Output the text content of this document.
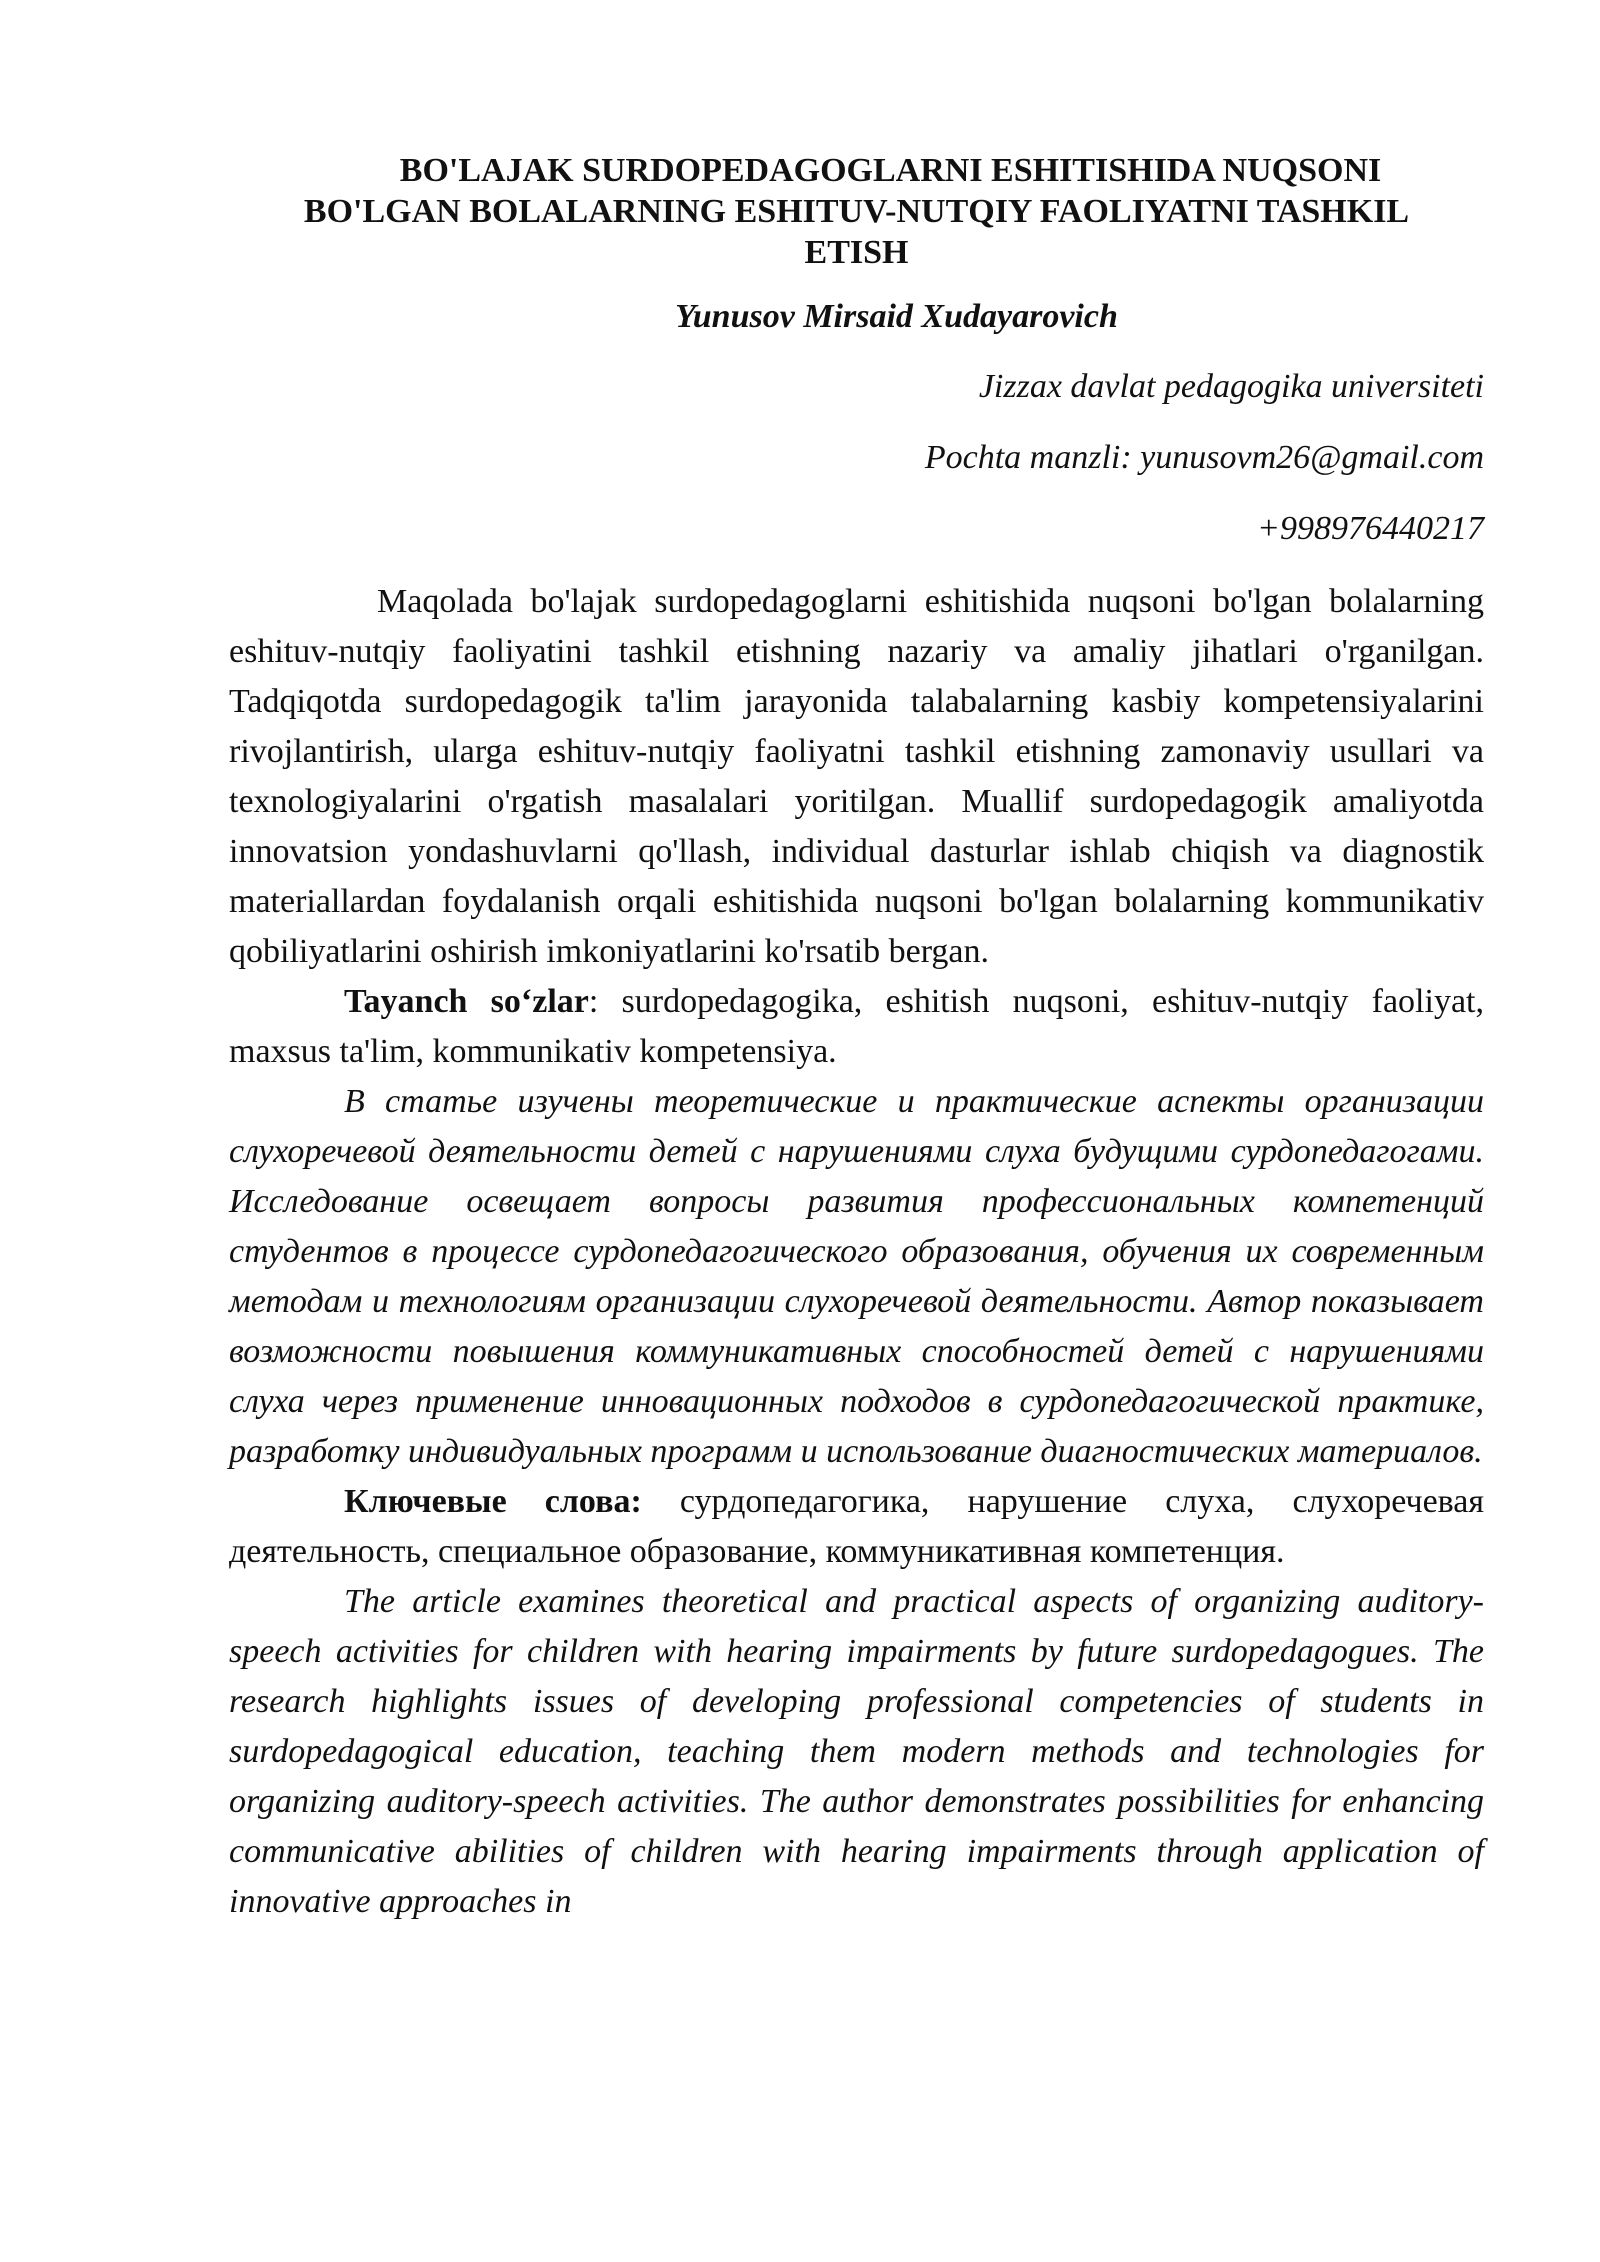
BO'LAJAK SURDOPEDAGOGLARNI ESHITISHIDA NUQSONI
BO'LGAN BOLALARNING ESHITUV-NUTQIY FAOLIYATNI TASHKIL
ETISH

Yunusov Mirsaid Xudayarovich

Jizzax davlat pedagogika universiteti

Pochta manzli: yunusovm26@gmail.com

+998976440217

Maqolada bo'lajak surdopedagoglarni eshitishida nuqsoni bo'lgan bolalarning eshituv-nutqiy faoliyatini tashkil etishning nazariy va amaliy jihatlari o'rganilgan. Tadqiqotda surdopedagogik ta'lim jarayonida talabalarning kasbiy kompetensiyalarini rivojlantirish, ularga eshituv-nutqiy faoliyatni tashkil etishning zamonaviy usullari va texnologiyalarini o'rgatish masalalari yoritilgan. Muallif surdopedagogik amaliyotda innovatsion yondashuvlarni qo'llash, individual dasturlar ishlab chiqish va diagnostik materiallardan foydalanish orqali eshitishida nuqsoni bo'lgan bolalarning kommunikativ qobiliyatlarini oshirish imkoniyatlarini ko'rsatib bergan.

Tayanch so‘zlar: surdopedagogika, eshitish nuqsoni, eshituv-nutqiy faoliyat, maxsus ta'lim, kommunikativ kompetensiya.

В статье изучены теоретические и практические аспекты организации слухоречевой деятельности детей с нарушениями слуха будущими сурдопедагогами. Исследование освещает вопросы развития профессиональных компетенций студентов в процессе сурдопедагогического образования, обучения их современным методам и технологиям организации слухоречевой деятельности. Автор показывает возможности повышения коммуникативных способностей детей с нарушениями слуха через применение инновационных подходов в сурдопедагогической практике, разработку индивидуальных программ и использование диагностических материалов.

Ключевые слова: сурдопедагогика, нарушение слуха, слухоречевая деятельность, специальное образование, коммуникативная компетенция.

The article examines theoretical and practical aspects of organizing auditory-speech activities for children with hearing impairments by future surdopedagogues. The research highlights issues of developing professional competencies of students in surdopedagogical education, teaching them modern methods and technologies for organizing auditory-speech activities. The author demonstrates possibilities for enhancing communicative abilities of children with hearing impairments through application of innovative approaches in
